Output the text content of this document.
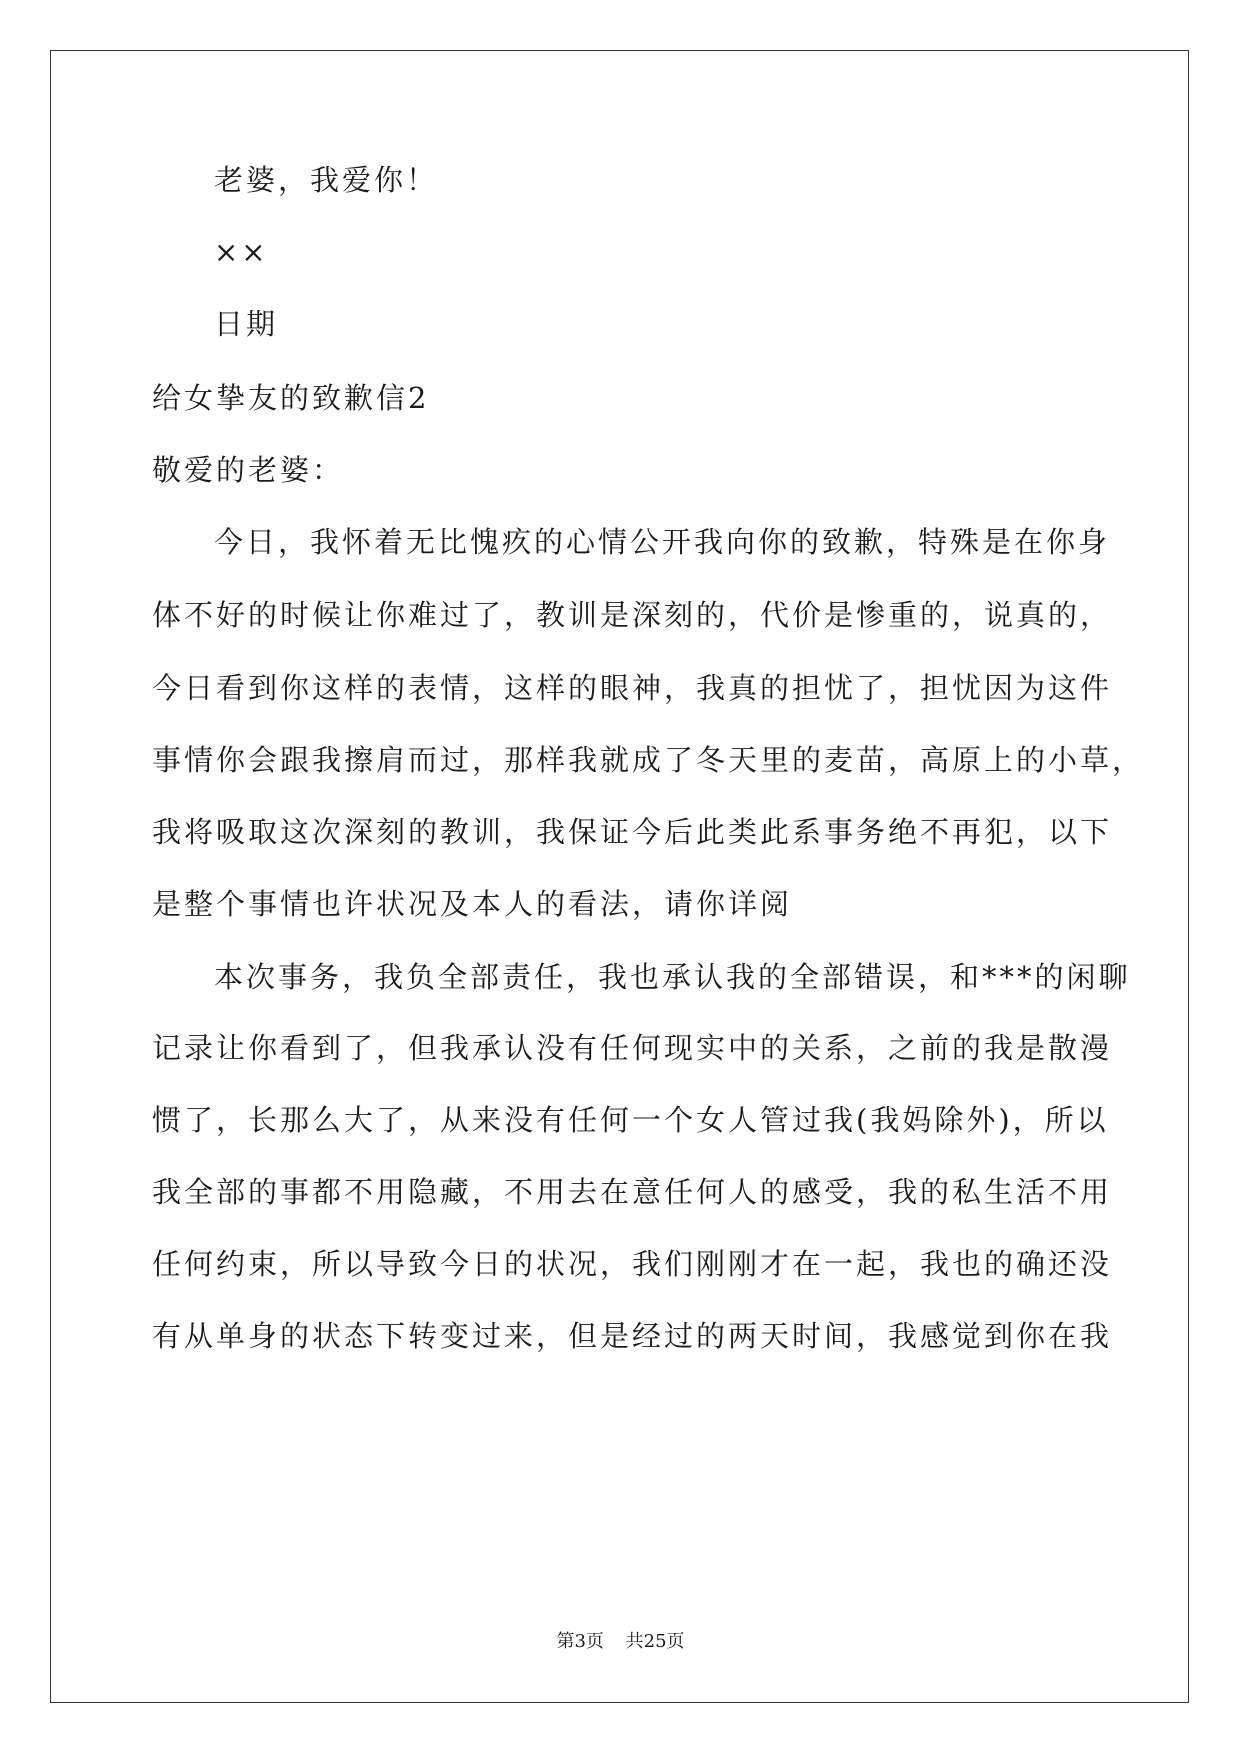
老婆，我爱你！
××
日期
给女挚友的致歉信2
敬爱的老婆：
今日，我怀着无比愧疚的心情公开我向你的致歉，特殊是在你身
体不好的时候让你难过了，教训是深刻的，代价是惨重的，说真的，
今日看到你这样的表情，这样的眼神，我真的担忧了，担忧因为这件
事情你会跟我擦肩而过，那样我就成了冬天里的麦苗，高原上的小草，
我将吸取这次深刻的教训，我保证今后此类此系事务绝不再犯，以下
是整个事情也许状况及本人的看法，请你详阅
本次事务，我负全部责任，我也承认我的全部错误，和***的闲聊
记录让你看到了，但我承认没有任何现实中的关系，之前的我是散漫
惯了，长那么大了，从来没有任何一个女人管过我(我妈除外)，所以
我全部的事都不用隐藏，不用去在意任何人的感受，我的私生活不用
任何约束，所以导致今日的状况，我们刚刚才在一起，我也的确还没
有从单身的状态下转变过来，但是经过的两天时间，我感觉到你在我
第3页 共25页
